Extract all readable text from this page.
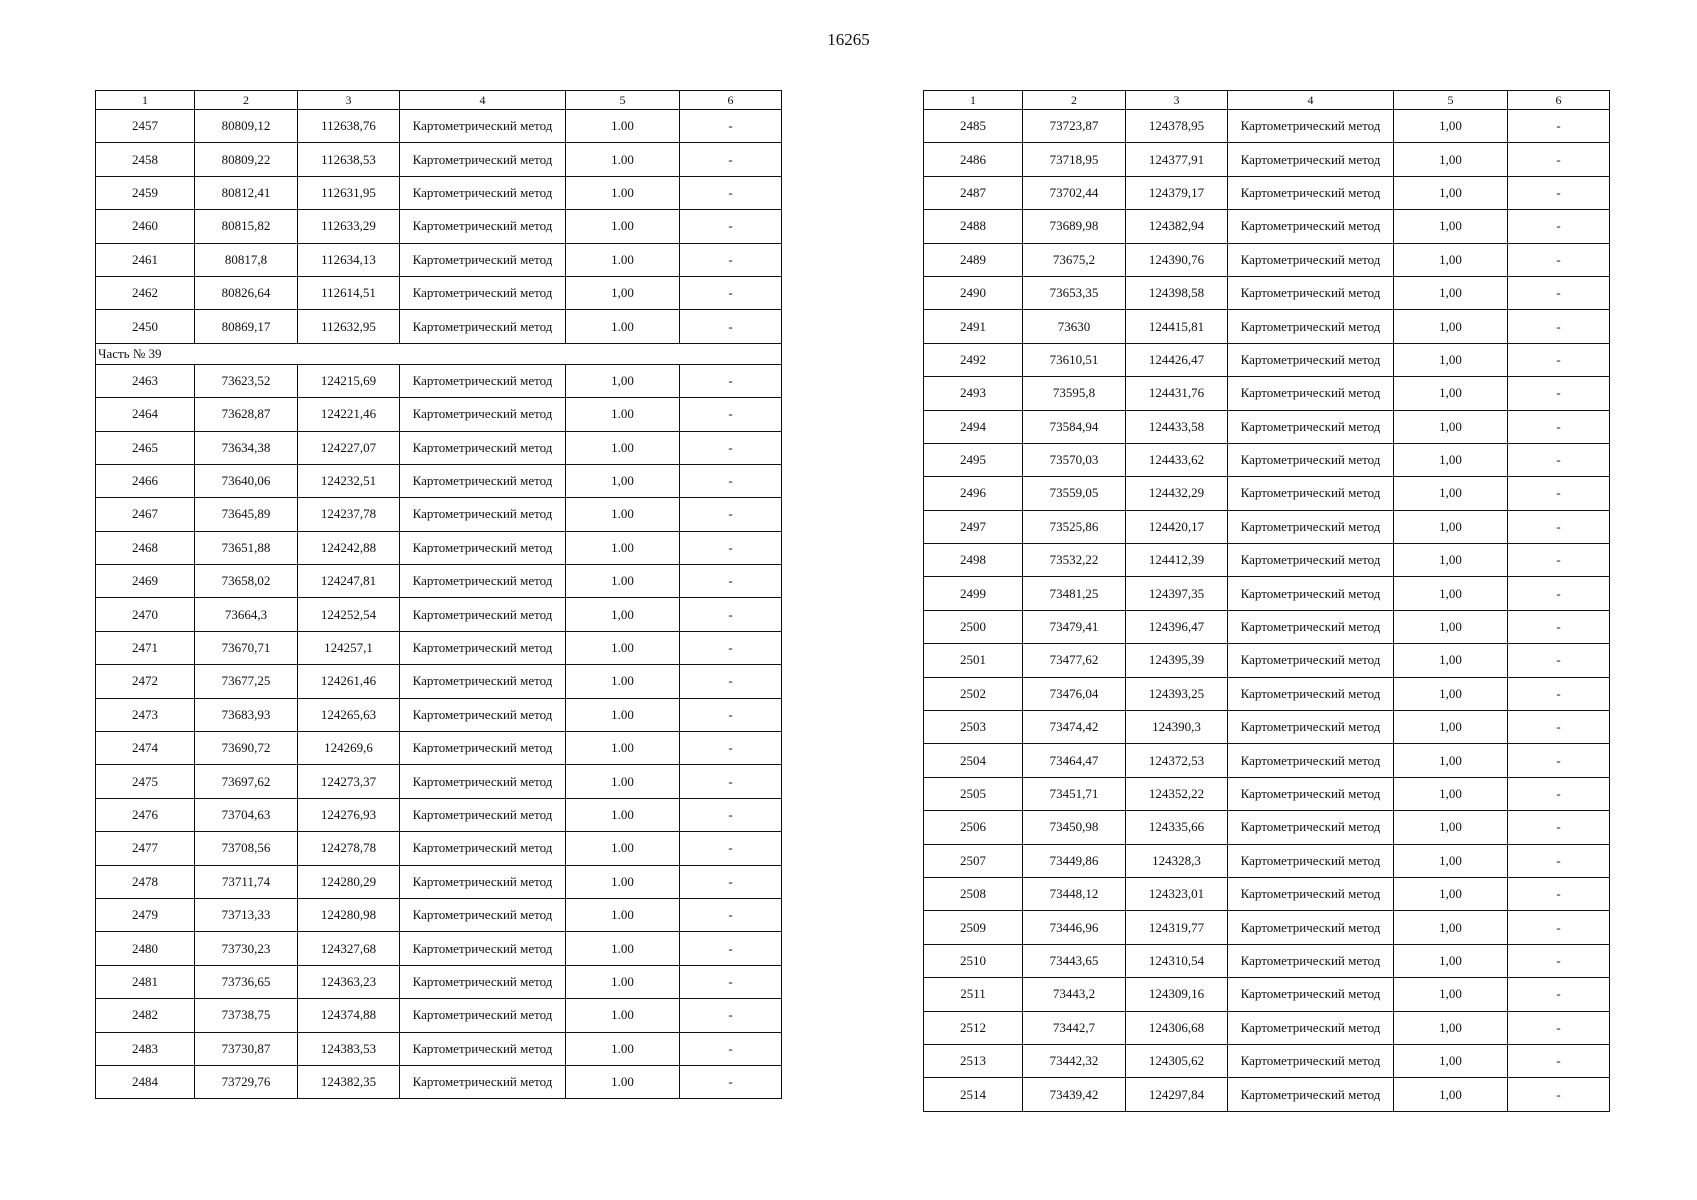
16265
1	2	3	4	5	6
2457	80809,12	112638,76	Картометрический метод	1.00	-
2458	80809,22	112638,53	Картометрический метод	1.00	-
2459	80812,41	112631,95	Картометрический метод	1.00	-
2460	80815,82	112633,29	Картометрический метод	1.00	-
2461	80817,8	112634,13	Картометрический метод	1.00	-
2462	80826,64	112614,51	Картометрический метод	1,00	-
2450	80869,17	112632,95	Картометрический метод	1.00	-
Часть № 39					
2463	73623,52	124215,69	Картометрический метод	1,00	-
2464	73628,87	124221,46	Картометрический метод	1.00	-
2465	73634,38	124227,07	Картометрический метод	1.00	-
2466	73640,06	124232,51	Картометрический метод	1,00	-
2467	73645,89	124237,78	Картометрический метод	1.00	-
2468	73651,88	124242,88	Картометрический метод	1.00	-
2469	73658,02	124247,81	Картометрический метод	1.00	-
2470	73664,3	124252,54	Картометрический метод	1,00	-
2471	73670,71	124257,1	Картометрический метод	1.00	-
2472	73677,25	124261,46	Картометрический метод	1.00	-
2473	73683,93	124265,63	Картометрический метод	1.00	-
2474	73690,72	124269,6	Картометрический метод	1.00	-
2475	73697,62	124273,37	Картометрический метод	1.00	-
2476	73704,63	124276,93	Картометрический метод	1.00	-
2477	73708,56	124278,78	Картометрический метод	1.00	-
2478	73711,74	124280,29	Картометрический метод	1.00	-
2479	73713,33	124280,98	Картометрический метод	1.00	-
2480	73730,23	124327,68	Картометрический метод	1.00	-
2481	73736,65	124363,23	Картометрический метод	1.00	-
2482	73738,75	124374,88	Картометрический метод	1.00	-
2483	73730,87	124383,53	Картометрический метод	1.00	-
2484	73729,76	124382,35	Картометрический метод	1.00	-
1	2	3	4	5	6
2485	73723,87	124378,95	Картометрический метод	1,00	-
2486	73718,95	124377,91	Картометрический метод	1,00	-
2487	73702,44	124379,17	Картометрический метод	1,00	-
2488	73689,98	124382,94	Картометрический метод	1,00	-
2489	73675,2	124390,76	Картометрический метод	1,00	-
2490	73653,35	124398,58	Картометрический метод	1,00	-
2491	73630	124415,81	Картометрический метод	1,00	-
2492	73610,51	124426,47	Картометрический метод	1,00	-
2493	73595,8	124431,76	Картометрический метод	1,00	-
2494	73584,94	124433,58	Картометрический метод	1,00	-
2495	73570,03	124433,62	Картометрический метод	1,00	-
2496	73559,05	124432,29	Картометрический метод	1,00	-
2497	73525,86	124420,17	Картометрический метод	1,00	-
2498	73532,22	124412,39	Картометрический метод	1,00	-
2499	73481,25	124397,35	Картометрический метод	1,00	-
2500	73479,41	124396,47	Картометрический метод	1,00	-
2501	73477,62	124395,39	Картометрический метод	1,00	-
2502	73476,04	124393,25	Картометрический метод	1,00	-
2503	73474,42	124390,3	Картометрический метод	1,00	-
2504	73464,47	124372,53	Картометрический метод	1,00	-
2505	73451,71	124352,22	Картометрический метод	1,00	-
2506	73450,98	124335,66	Картометрический метод	1,00	-
2507	73449,86	124328,3	Картометрический метод	1,00	-
2508	73448,12	124323,01	Картометрический метод	1,00	-
2509	73446,96	124319,77	Картометрический метод	1,00	-
2510	73443,65	124310,54	Картометрический метод	1,00	-
2511	73443,2	124309,16	Картометрический метод	1,00	-
2512	73442,7	124306,68	Картометрический метод	1,00	-
2513	73442,32	124305,62	Картометрический метод	1,00	-
2514	73439,42	124297,84	Картометрический метод	1,00	-
